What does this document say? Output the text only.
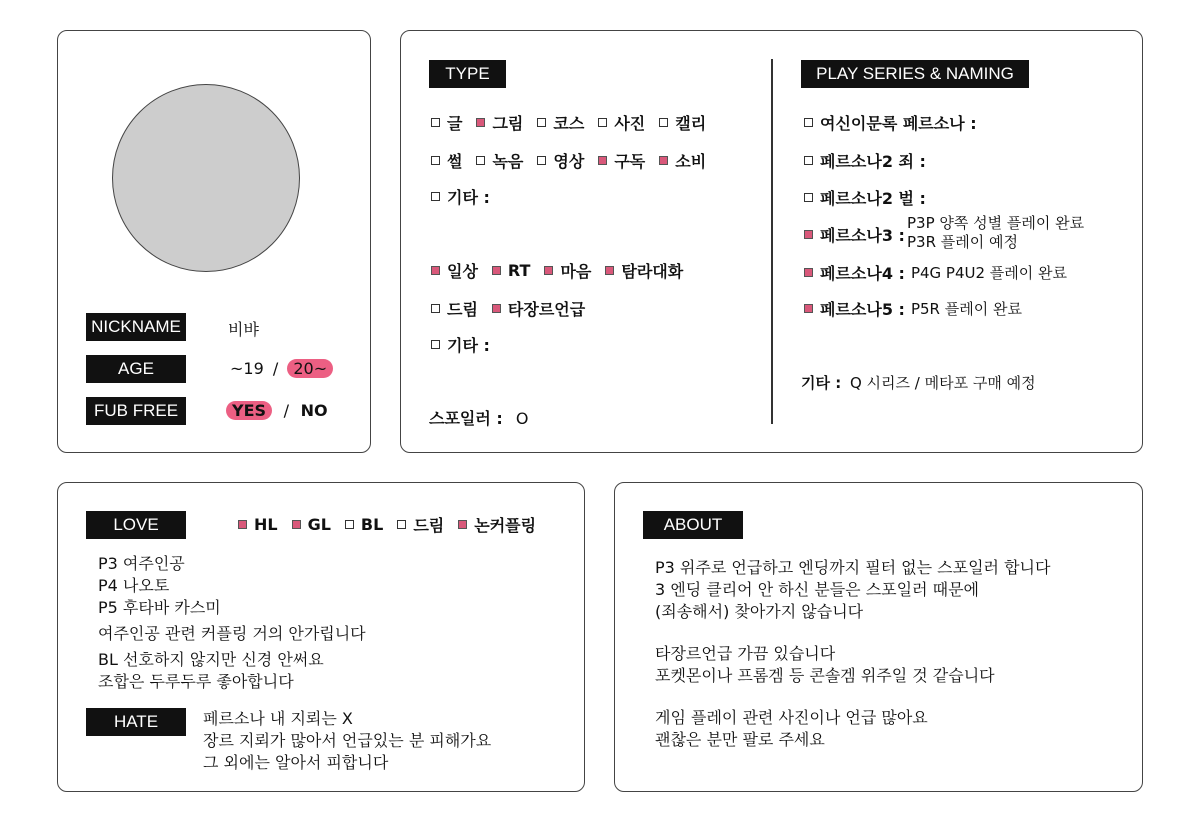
NICKNAME	비뱌
AGE	~19 / 20~
FUB FREE	YES / NO
TYPE
글 그림 코스 사진 캘리
썰 녹음 영상 구독 소비
기타 :
일상 RT 마음 탐라대화
드림 타장르언급
기타 :
스포일러 : O
PLAY SERIES & NAMING
여신이문록 페르소나 :
페르소나2 죄 :
페르소나2 벌 :
페르소나3 :
P3P 양쪽 성별 플레이 완료
P3R 플레이 예정
페르소나4 : P4G P4U2 플레이 완료
페르소나5 : P5R 플레이 완료
기타 : Q 시리즈 / 메타포 구매 예정
LOVE	HL GL BL 드림 논커플링
P3 여주인공
P4 나오토
P5 후타바 카스미
여주인공 관련 커플링 거의 안가립니다
BL 선호하지 않지만 신경 안써요
조합은 두루두루 좋아합니다
HATE	페르소나 내 지뢰는 X
장르 지뢰가 많아서 언급있는 분 피해가요
그 외에는 알아서 피합니다
ABOUT
P3 위주로 언급하고 엔딩까지 필터 없는 스포일러 합니다
3 엔딩 클리어 안 하신 분들은 스포일러 때문에
(죄송해서) 찾아가지 않습니다
타장르언급 가끔 있습니다
포켓몬이나 프롬겜 등 콘솔겜 위주일 것 같습니다
게임 플레이 관련 사진이나 언급 많아요
괜찮은 분만 팔로 주세요
